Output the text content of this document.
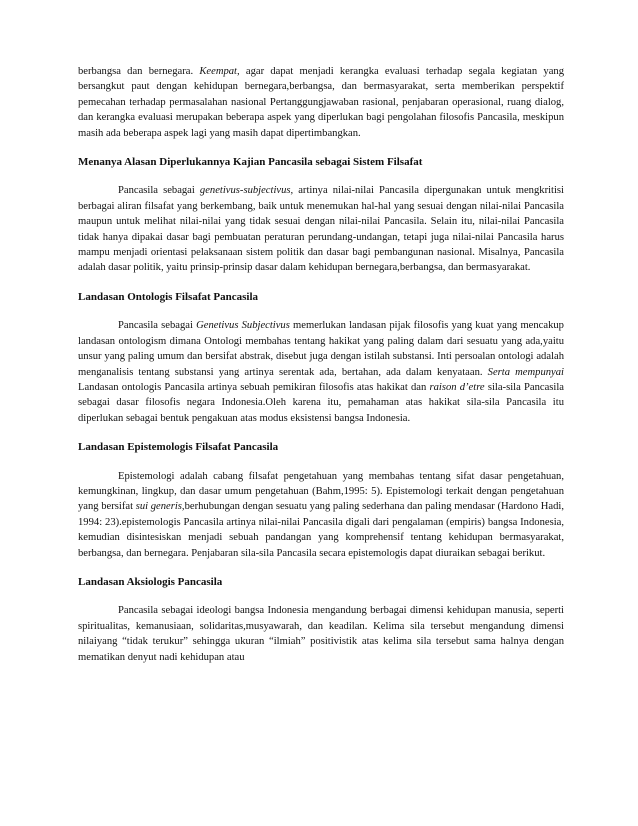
berbangsa dan bernegara. Keempat, agar dapat menjadi kerangka evaluasi terhadap segala kegiatan yang bersangkut paut dengan kehidupan bernegara,berbangsa, dan bermasyarakat, serta memberikan perspektif pemecahan terhadap permasalahan nasional Pertanggungjawaban rasional, penjabaran operasional, ruang dialog, dan kerangka evaluasi merupakan beberapa aspek yang diperlukan bagi pengolahan filosofis Pancasila, meskipun masih ada beberapa aspek lagi yang masih dapat dipertimbangkan.

Menanya Alasan Diperlukannya Kajian Pancasila sebagai Sistem Filsafat

Pancasila sebagai genetivus-subjectivus, artinya nilai-nilai Pancasila dipergunakan untuk mengkritisi berbagai aliran filsafat yang berkembang, baik untuk menemukan hal-hal yang sesuai dengan nilai-nilai Pancasila maupun untuk melihat nilai-nilai yang tidak sesuai dengan nilai-nilai Pancasila. Selain itu, nilai-nilai Pancasila tidak hanya dipakai dasar bagi pembuatan peraturan perundang-undangan, tetapi juga nilai-nilai Pancasila harus mampu menjadi orientasi pelaksanaan sistem politik dan dasar bagi pembangunan nasional. Misalnya, Pancasila adalah dasar politik, yaitu prinsip-prinsip dasar dalam kehidupan bernegara,berbangsa, dan bermasyarakat.

Landasan Ontologis Filsafat Pancasila

Pancasila sebagai Genetivus Subjectivus memerlukan landasan pijak filosofis yang kuat yang mencakup landasan ontologism dimana Ontologi membahas tentang hakikat yang paling dalam dari sesuatu yang ada,yaitu unsur yang paling umum dan bersifat abstrak, disebut juga dengan istilah substansi. Inti persoalan ontologi adalah menganalisis tentang substansi yang artinya serentak ada, bertahan, ada dalam kenyataan. Serta mempunyai Landasan ontologis Pancasila artinya sebuah pemikiran filosofis atas hakikat dan raison d’etre sila-sila Pancasila sebagai dasar filosofis negara Indonesia.Oleh karena itu, pemahaman atas hakikat sila-sila Pancasila itu diperlukan sebagai bentuk pengakuan atas modus eksistensi bangsa Indonesia.

Landasan Epistemologis Filsafat Pancasila

Epistemologi adalah cabang filsafat pengetahuan yang membahas tentang sifat dasar pengetahuan, kemungkinan, lingkup, dan dasar umum pengetahuan (Bahm,1995: 5). Epistemologi terkait dengan pengetahuan yang bersifat sui generis,berhubungan dengan sesuatu yang paling sederhana dan paling mendasar (Hardono Hadi, 1994: 23).epistemologis Pancasila artinya nilai-nilai Pancasila digali dari pengalaman (empiris) bangsa Indonesia, kemudian disintesiskan menjadi sebuah pandangan yang komprehensif tentang kehidupan bermasyarakat, berbangsa, dan bernegara. Penjabaran sila-sila Pancasila secara epistemologis dapat diuraikan sebagai berikut.

Landasan Aksiologis Pancasila

Pancasila sebagai ideologi bangsa Indonesia mengandung berbagai dimensi kehidupan manusia, seperti spiritualitas, kemanusiaan, solidaritas,musyawarah, dan keadilan. Kelima sila tersebut mengandung dimensi nilaiyang “tidak terukur” sehingga ukuran “ilmiah” positivistik atas kelima sila tersebut sama halnya dengan mematikan denyut nadi kehidupan atau
